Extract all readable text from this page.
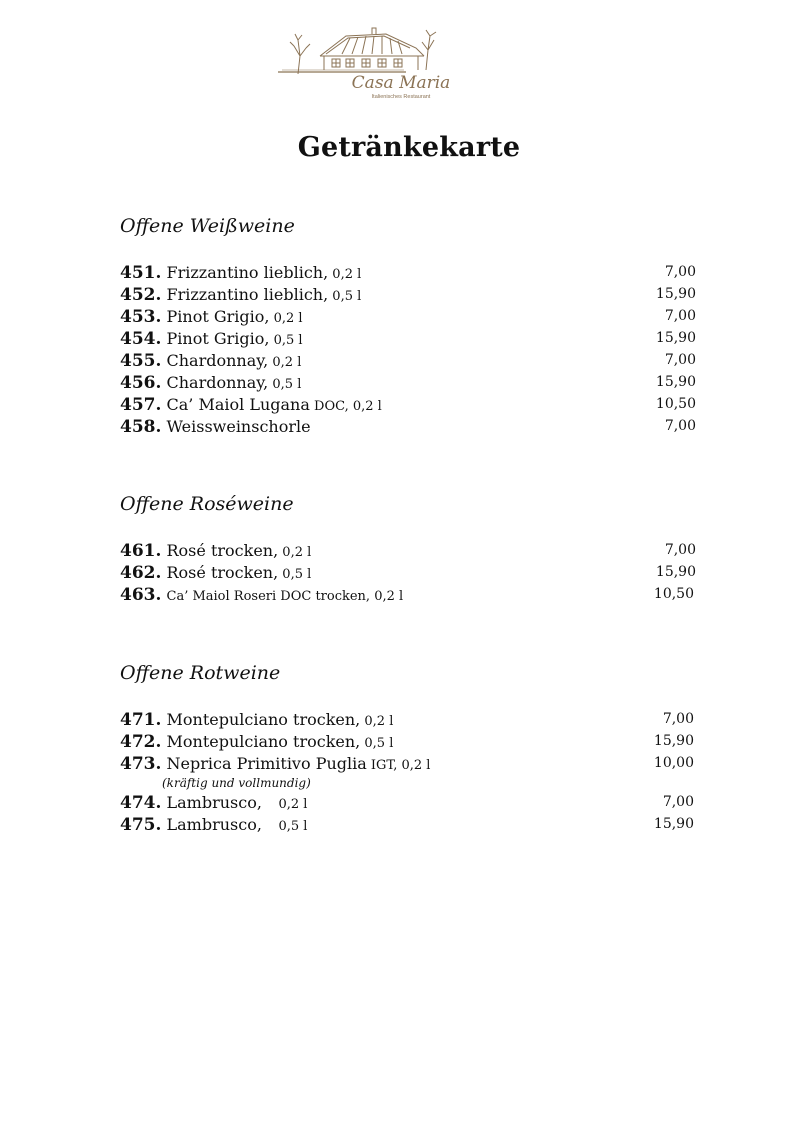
Casa Maria
Italienisches Restaurant
Getränkekarte
Offene Weißweine
451. Frizzantino lieblich, 0,2 l	7,00
452. Frizzantino lieblich, 0,5 l	15,90
453. Pinot Grigio, 0,2 l	7,00
454. Pinot Grigio, 0,5 l	15,90
455. Chardonnay, 0,2 l	7,00
456. Chardonnay, 0,5 l	15,90
457. Ca’ Maiol Lugana DOC, 0,2 l	10,50
458. Weissweinschorle	7,00
Offene Roséweine
461. Rosé trocken, 0,2 l	7,00
462. Rosé trocken, 0,5 l	15,90
463. Ca’ Maiol Roseri DOC trocken, 0,2 l	10,50
Offene Rotweine
471. Montepulciano trocken, 0,2 l	7,00
472. Montepulciano trocken, 0,5 l	15,90
473. Neprica Primitivo Puglia IGT, 0,2 l	10,00
(kräftig und vollmundig)
474. Lambrusco,    0,2 l	7,00
475. Lambrusco,    0,5 l	15,90
